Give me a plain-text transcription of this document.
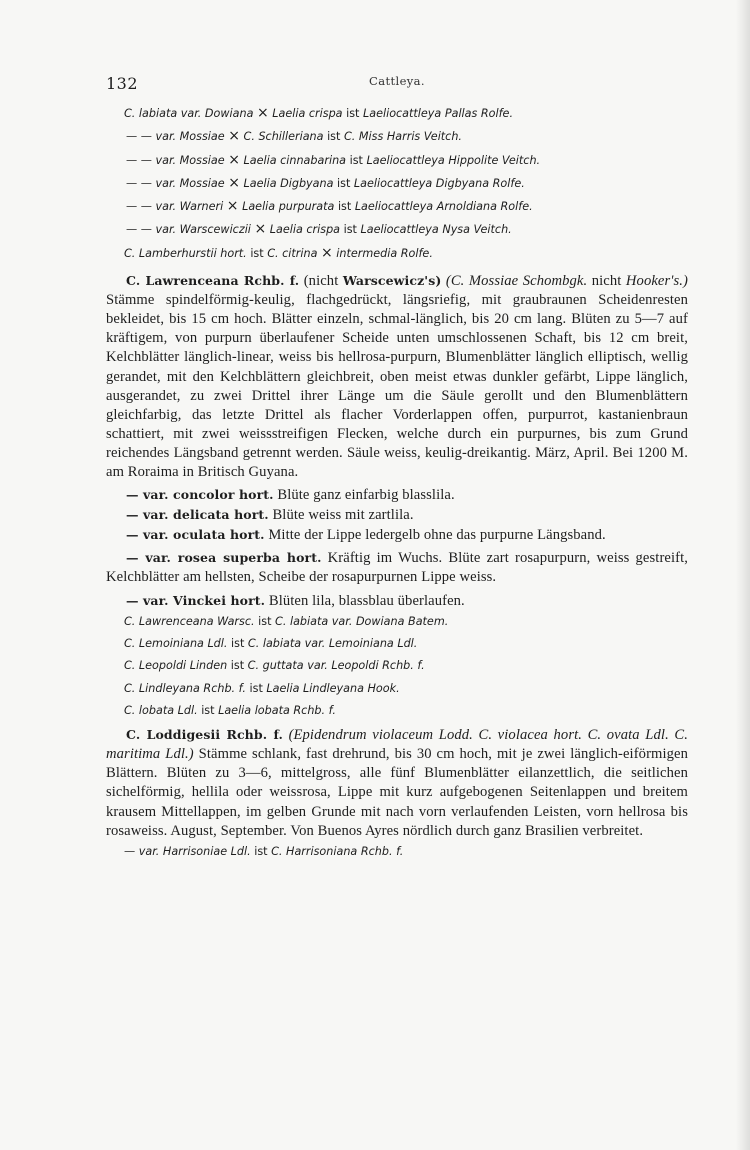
132	Cattleya.
C. labiata var. Dowiana × Laelia crispa ist Laeliocattleya Pallas Rolfe.
— — var. Mossiae × C. Schilleriana ist C. Miss Harris Veitch.
— — var. Mossiae × Laelia cinnabarina ist Laeliocattleya Hippolite Veitch.
— — var. Mossiae × Laelia Digbyana ist Laeliocattleya Digbyana Rolfe.
— — var. Warneri × Laelia purpurata ist Laeliocattleya Arnoldiana Rolfe.
— — var. Warscewiczii × Laelia crispa ist Laeliocattleya Nysa Veitch.
C. Lamberhurstii hort. ist C. citrina × intermedia Rolfe.

C. Lawrenceana Rchb. f. (nicht Warscewicz's) (C. Mossiae Schombgk. nicht Hooker's.) Stämme spindelförmig-keulig, flachgedrückt, längsriefig, mit graubraunen Scheidenresten bekleidet, bis 15 cm hoch. Blätter einzeln, schmal-länglich, bis 20 cm lang. Blüten zu 5—7 auf kräftigem, von purpurn überlaufener Scheide unten umschlossenen Schaft, bis 12 cm breit, Kelchblätter länglich-linear, weiss bis hellrosa-purpurn, Blumenblätter länglich elliptisch, wellig gerandet, mit den Kelchblättern gleichbreit, oben meist etwas dunkler gefärbt, Lippe länglich, ausgerandet, zu zwei Drittel ihrer Länge um die Säule gerollt und den Blumenblättern gleichfarbig, das letzte Drittel als flacher Vorderlappen offen, purpurrot, kastanienbraun schattiert, mit zwei weissstreifigen Flecken, welche durch ein purpurnes, bis zum Grund reichendes Längsband getrennt werden. Säule weiss, keulig-dreikantig. März, April. Bei 1200 M. am Roraima in Britisch Guyana.

— var. concolor hort. Blüte ganz einfarbig blasslila.

— var. delicata hort. Blüte weiss mit zartlila.

— var. oculata hort. Mitte der Lippe ledergelb ohne das purpurne Längsband.

— var. rosea superba hort. Kräftig im Wuchs. Blüte zart rosapurpurn, weiss gestreift, Kelchblätter am hellsten, Scheibe der rosapurpurnen Lippe weiss.

— var. Vinckei hort. Blüten lila, blassblau überlaufen.

C. Lawrenceana Warsc. ist C. labiata var. Dowiana Batem.
C. Lemoiniana Ldl. ist C. labiata var. Lemoiniana Ldl.
C. Leopoldi Linden ist C. guttata var. Leopoldi Rchb. f.
C. Lindleyana Rchb. f. ist Laelia Lindleyana Hook.
C. lobata Ldl. ist Laelia lobata Rchb. f.

C. Loddigesii Rchb. f. (Epidendrum violaceum Lodd. C. violacea hort. C. ovata Ldl. C. maritima Ldl.) Stämme schlank, fast drehrund, bis 30 cm hoch, mit je zwei länglich-eiförmigen Blättern. Blüten zu 3—6, mittelgross, alle fünf Blumenblätter eilanzettlich, die seitlichen sichelförmig, hellila oder weissrosa, Lippe mit kurz aufgebogenen Seitenlappen und breitem krausem Mittellappen, im gelben Grunde mit nach vorn verlaufenden Leisten, vorn hellrosa bis rosaweiss. August, September. Von Buenos Ayres nördlich durch ganz Brasilien verbreitet.

— var. Harrisoniae Ldl. ist C. Harrisoniana Rchb. f.
